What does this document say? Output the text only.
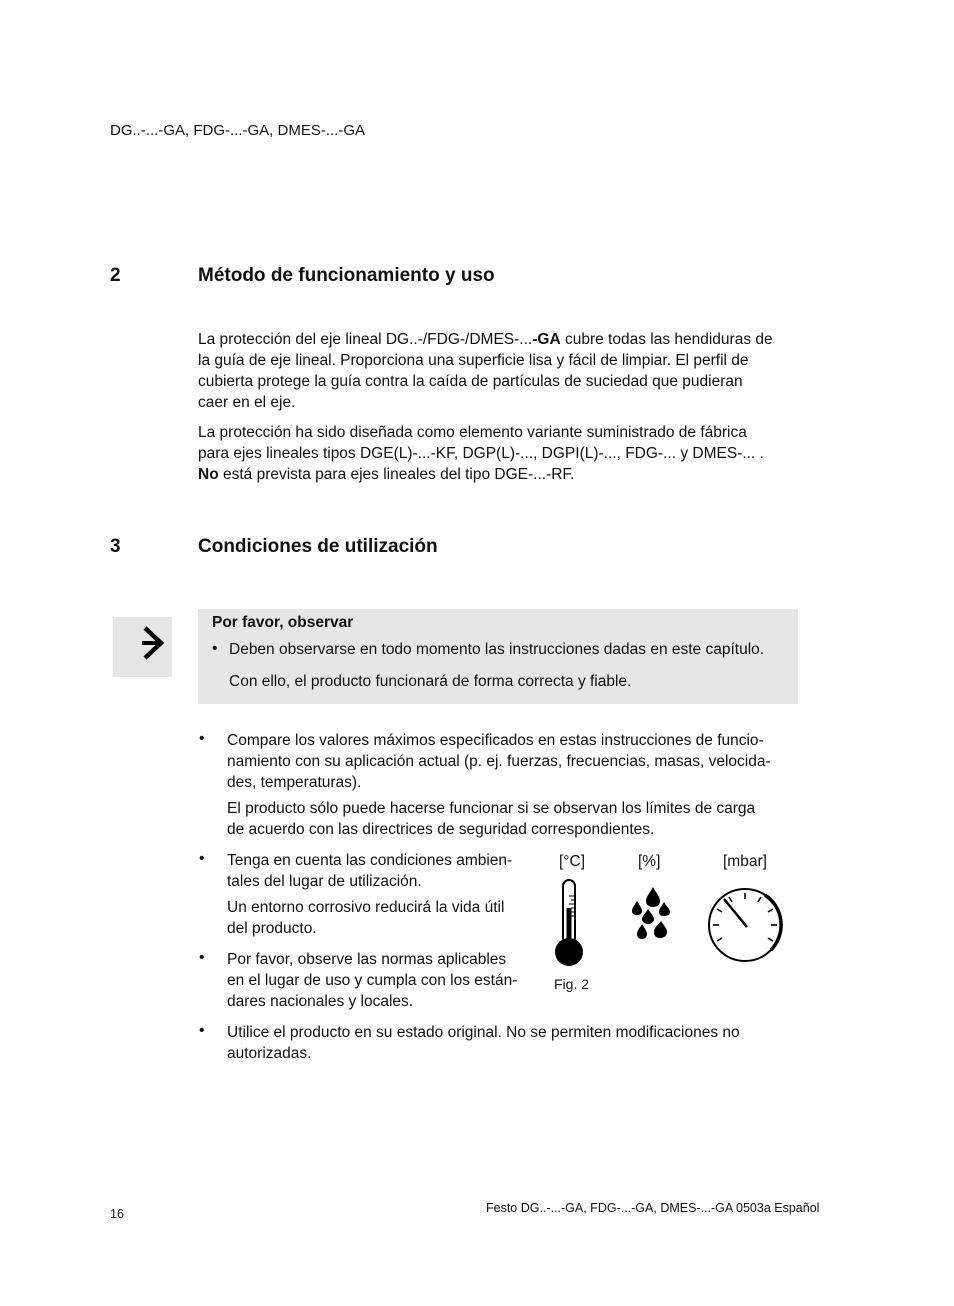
DG..-...-GA, FDG-...-GA, DMES-...-GA
2	Método de funcionamiento y uso

La protección del eje lineal DG..-/FDG-/DMES-...-GA cubre todas las hendiduras de

la guía de eje lineal. Proporciona una superficie lisa y fácil de limpiar. El perfil de

cubierta protege la guía contra la caída de partículas de suciedad que pudieran

caer en el eje.

La protección ha sido diseñada como elemento variante suministrado de fábrica

para ejes lineales tipos DGE(L)-...-KF, DGP(L)-..., DGPI(L)-..., FDG-... y DMES-... .

No está prevista para ejes lineales del tipo DGE-...-RF.

3	Condiciones de utilización
Por favor, observar
• Deben observarse en todo momento las instrucciones dadas en este capítulo.
Con ello, el producto funcionará de forma correcta y fiable.
• Compare los valores máximos especificados en estas instrucciones de funcio-

namiento con su aplicación actual (p. ej. fuerzas, frecuencias, masas, velocida-

des, temperaturas).

El producto sólo puede hacerse funcionar si se observan los límites de carga

de acuerdo con las directrices de seguridad correspondientes.

• Tenga en cuenta las condiciones ambien-

tales del lugar de utilización.

Un entorno corrosivo reducirá la vida útil

del producto.

• Por favor, observe las normas aplicables

en el lugar de uso y cumpla con los están-

dares nacionales y locales.

[°C]	[%]	[mbar]
Fig. 2
• Utilice el producto en su estado original. No se permiten modificaciones no

autorizadas.

16	Festo DG..-...-GA, FDG-...-GA, DMES-...-GA 0503a Español
